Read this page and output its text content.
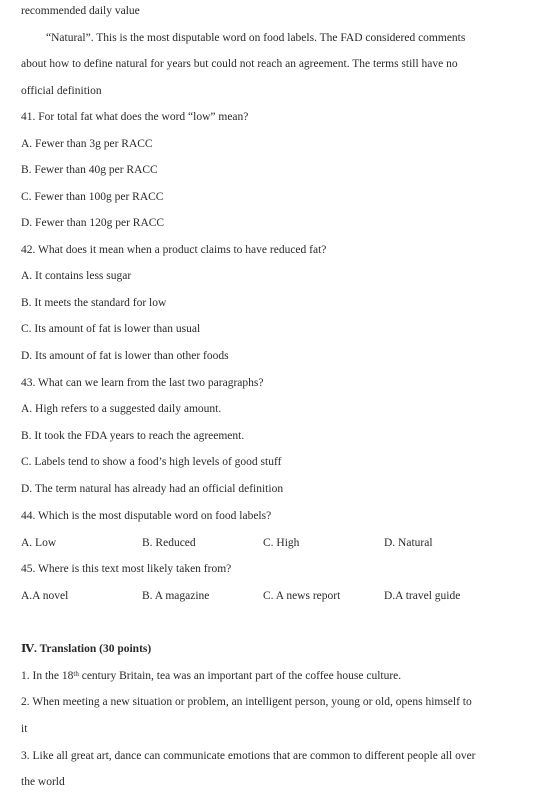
recommended daily value
“Natural”. This is the most disputable word on food labels. The FAD considered comments
about how to define natural for years but could not reach an agreement. The terms still have no
official definition
41. For total fat what does the word “low” mean?
A. Fewer than 3g per RACC
B. Fewer than 40g per RACC
C. Fewer than 100g per RACC
D. Fewer than 120g per RACC
42. What does it mean when a product claims to have reduced fat?
A. It contains less sugar
B. It meets the standard for low
C. Its amount of fat is lower than usual
D. Its amount of fat is lower than other foods
43. What can we learn from the last two paragraphs?
A. High refers to a suggested daily amount.
B. It took the FDA years to reach the agreement.
C. Labels tend to show a food’s high levels of good stuff
D. The term natural has already had an official definition
44. Which is the most disputable word on food labels?
A. Low	B. Reduced	C. High	D. Natural
45. Where is this text most likely taken from?
A.A novel	B. A magazine	C. A news report	D.A travel guide
Ⅳ. Translation (30 points)
1. In the 18th century Britain, tea was an important part of the coffee house culture.
2. When meeting a new situation or problem, an intelligent person, young or old, opens himself to
it
3. Like all great art, dance can communicate emotions that are common to different people all over
the world
